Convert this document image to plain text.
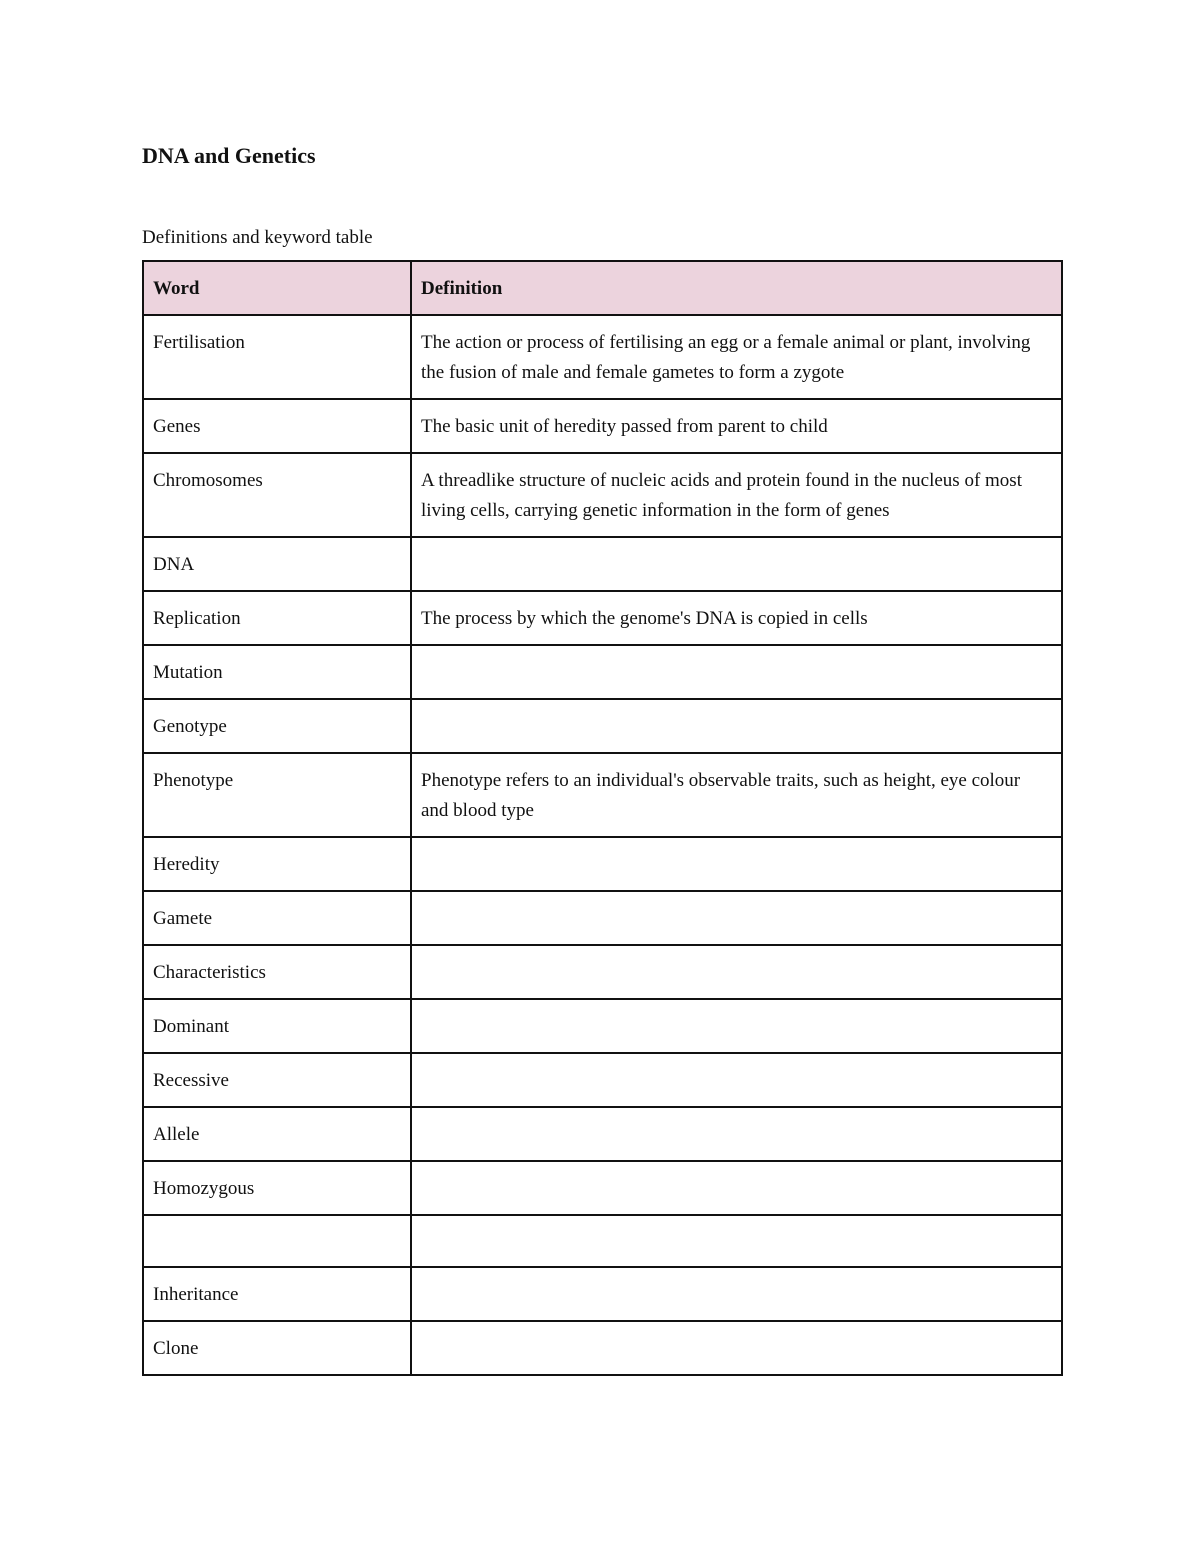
DNA and Genetics

Definitions and keyword table

Word	Definition
Fertilisation	The action or process of fertilising an egg or a female animal or plant, involving the fusion of male and female gametes to form a zygote
Genes	The basic unit of heredity passed from parent to child
Chromosomes	A threadlike structure of nucleic acids and protein found in the nucleus of most living cells, carrying genetic information in the form of genes
DNA	
Replication	The process by which the genome's DNA is copied in cells
Mutation	
Genotype	
Phenotype	Phenotype refers to an individual's observable traits, such as height, eye colour and blood type
Heredity	
Gamete	
Characteristics	
Dominant	
Recessive	
Allele	
Homozygous	

Inheritance	
Clone	
